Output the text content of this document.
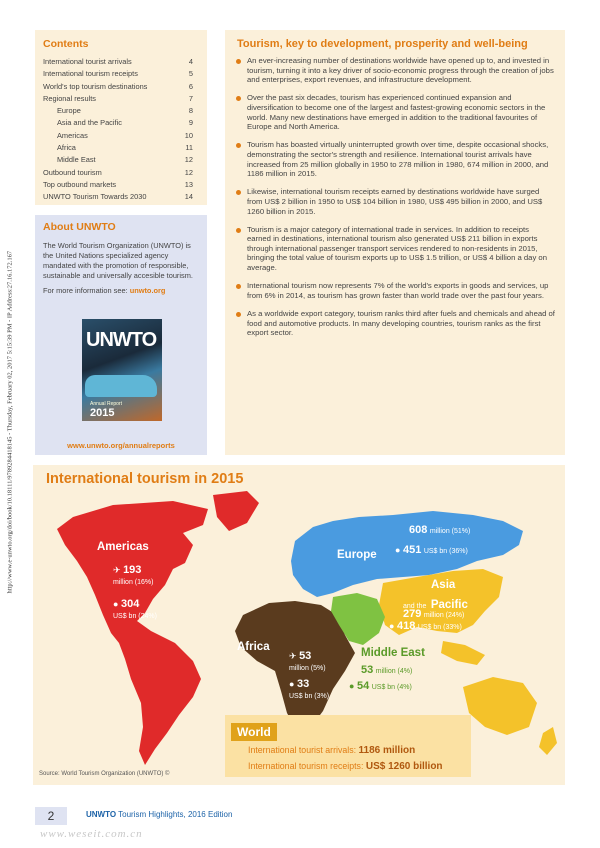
http://www.e-unwto.org/doi/book/10.18111/9789284418145 - Thursday, February 02, 2017 5:15:39 PM - IP Address:27.16.172.167
Contents
International tourist arrivals	4
International tourism receipts	5
World's top tourism destinations	6
Regional results	7
Europe	8
Asia and the Pacific	9
Americas	10
Africa	11
Middle East	12
Outbound tourism	12
Top outbound markets	13
UNWTO Tourism Towards 2030	14
About UNWTO

The World Tourism Organization (UNWTO) is the United Nations specialized agency mandated with the promotion of responsible, sustainable and universally accesible tourism.

For more information see: unwto.org

UNWTO
Annual Report
2015
www.unwto.org/annualreports
Tourism, key to development, prosperity and well-being
An ever-increasing number of destinations worldwide have opened up to, and invested in tourism, turning it into a key driver of socio-economic progress through the creation of jobs and enterprises, export revenues, and infrastructure development.
Over the past six decades, tourism has experienced continued expansion and diversification to become one of the largest and fastest-growing economic sectors in the world. Many new destinations have emerged in addition to the traditional favourites of Europe and North America.
Tourism has boasted virtually uninterrupted growth over time, despite occasional shocks, demonstrating the sector's strength and resilience. International tourist arrivals have increased from 25 million globally in 1950 to 278 million in 1980, 674 million in 2000, and 1186 million in 2015.
Likewise, international tourism receipts earned by destinations worldwide have surged from US$ 2 billion in 1950 to US$ 104 billion in 1980, US$ 495 billion in 2000, and US$ 1260 billion in 2015.
Tourism is a major category of international trade in services. In addition to receipts earned in destinations, international tourism also generated US$ 211 billion in exports through international passenger transport services rendered to non-residents in 2015, bringing the total value of tourism exports up to US$ 1.5 trillion, or US$ 4 billion a day on average.
International tourism now represents 7% of the world's exports in goods and services, up from 6% in 2014, as tourism has grown faster than world trade over the past four years.
As a worldwide export category, tourism ranks third after fuels and chemicals and ahead of food and automotive products. In many developing countries, tourism ranks as the first export sector.
International tourism in 2015
Americas
✈ 193
million (16%)
● 304
US$ bn (24%)
Europe
608 million (51%)
● 451 US$ bn (36%)
Asia
and the Pacific
279 million (24%)
● 418 US$ bn (33%)
Africa
✈ 53
million (5%)
● 33
US$ bn (3%)
Middle East
53 million (4%)
● 54 US$ bn (4%)
World
International tourist arrivals: 1186 million
International tourism receipts: US$ 1260 billion
Source: World Tourism Organization (UNWTO) ©
2	UNWTO Tourism Highlights, 2016 Edition
www.weseit.com.cn
